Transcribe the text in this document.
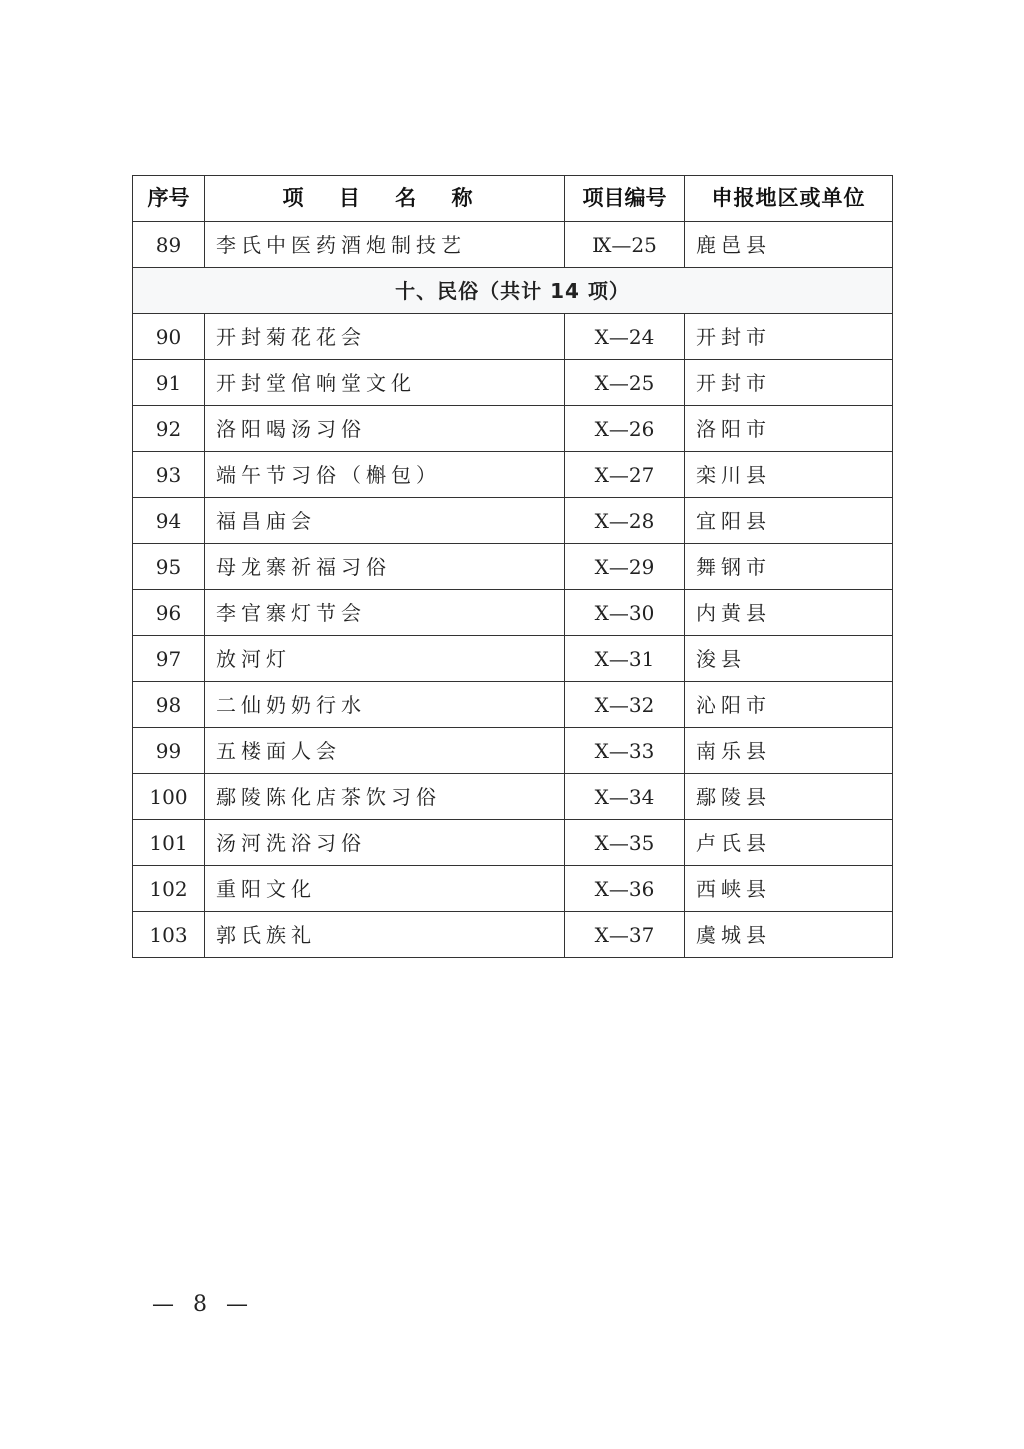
序号	项 目 名 称	项目编号	申报地区或单位
89	李氏中医药酒炮制技艺	Ⅸ—25	鹿邑县
十、民俗（共计 14 项）			
90	开封菊花花会	Ⅹ—24	开封市
91	开封堂倌响堂文化	Ⅹ—25	开封市
92	洛阳喝汤习俗	Ⅹ—26	洛阳市
93	端午节习俗（槲包）	Ⅹ—27	栾川县
94	福昌庙会	Ⅹ—28	宜阳县
95	母龙寨祈福习俗	Ⅹ—29	舞钢市
96	李官寨灯节会	Ⅹ—30	内黄县
97	放河灯	Ⅹ—31	浚县
98	二仙奶奶行水	Ⅹ—32	沁阳市
99	五楼面人会	Ⅹ—33	南乐县
100	鄢陵陈化店茶饮习俗	Ⅹ—34	鄢陵县
101	汤河洗浴习俗	Ⅹ—35	卢氏县
102	重阳文化	Ⅹ—36	西峡县
103	郭氏族礼	Ⅹ—37	虞城县
— 8 —
